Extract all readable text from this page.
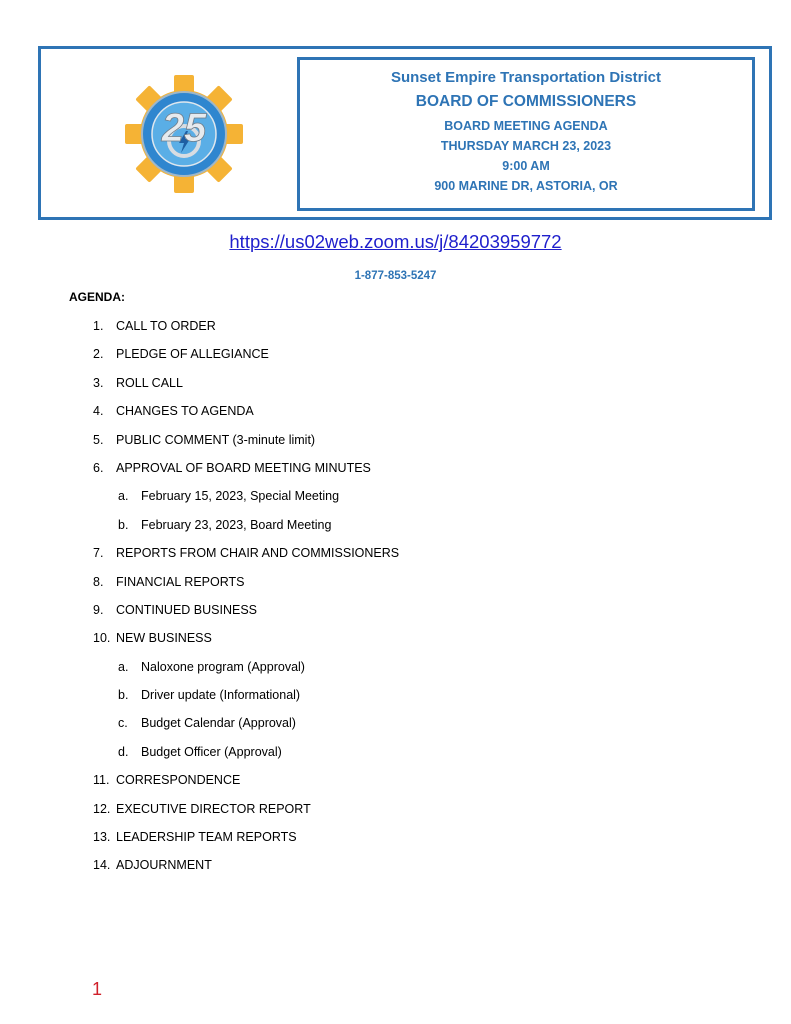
25
Sunset Empire Transportation District
BOARD OF COMMISSIONERS
BOARD MEETING AGENDA
THURSDAY MARCH 23, 2023
9:00 AM
900 MARINE DR, ASTORIA, OR
https://us02web.zoom.us/j/84203959772
1-877-853-5247
AGENDA:
1. CALL TO ORDER
2. PLEDGE OF ALLEGIANCE
3. ROLL CALL
4. CHANGES TO AGENDA
5. PUBLIC COMMENT (3-minute limit)
6. APPROVAL OF BOARD MEETING MINUTES
a. February 15, 2023, Special Meeting
b. February 23, 2023, Board Meeting
7. REPORTS FROM CHAIR AND COMMISSIONERS
8. FINANCIAL REPORTS
9. CONTINUED BUSINESS
10. NEW BUSINESS
a. Naloxone program (Approval)
b. Driver update (Informational)
c. Budget Calendar (Approval)
d. Budget Officer (Approval)
11. CORRESPONDENCE
12. EXECUTIVE DIRECTOR REPORT
13. LEADERSHIP TEAM REPORTS
14. ADJOURNMENT
1
